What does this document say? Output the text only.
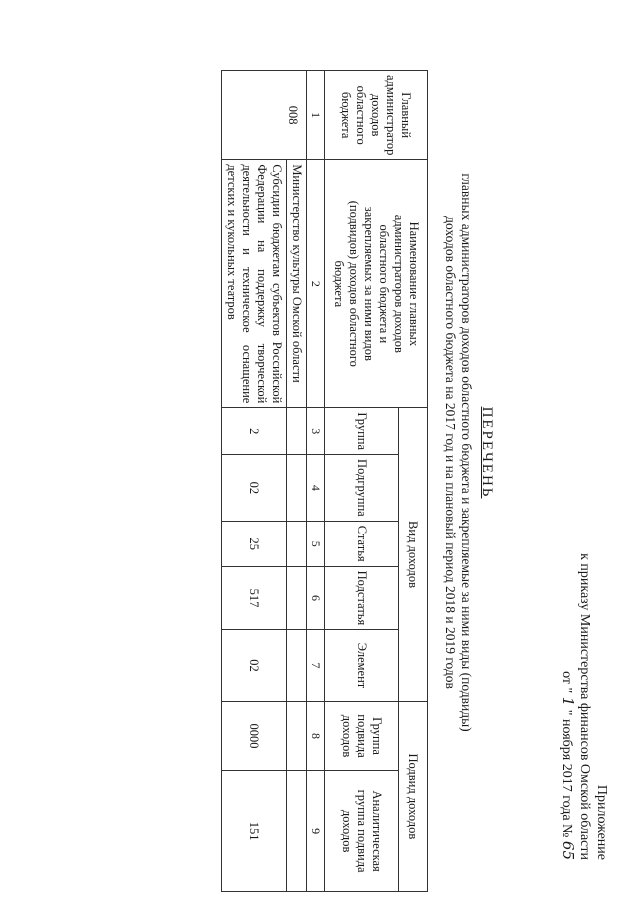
Приложение
к приказу Министерства финансов Омской области
от " 1 " ноября 2017 года № 65
ПЕРЕЧЕНЬ
главных администраторов доходов областного бюджета и закрепляемые за ними виды (подвиды)
доходов областного бюджета на 2017 год и на плановый период 2018 и 2019 годов
Главный администратор доходов областного бюджета	Наименование главных администраторов доходов областного бюджета и закрепляемых за ними видов (подвидов) доходов областного бюджета	Вид доходов					Подвид доходов	
		Группа	Подгруппа	Статья	Подстатья	Элемент	Группа подвида доходов	Аналитическая группа подвида доходов
1	2	3	4	5	6	7	8	9
008	Министерство культуры Омской области							
	Субсидии бюджетам субъектов Российской Федерации на поддержку творческой деятельности и техническое оснащение детских и кукольных театров	2	02	25	517	02	0000	151
